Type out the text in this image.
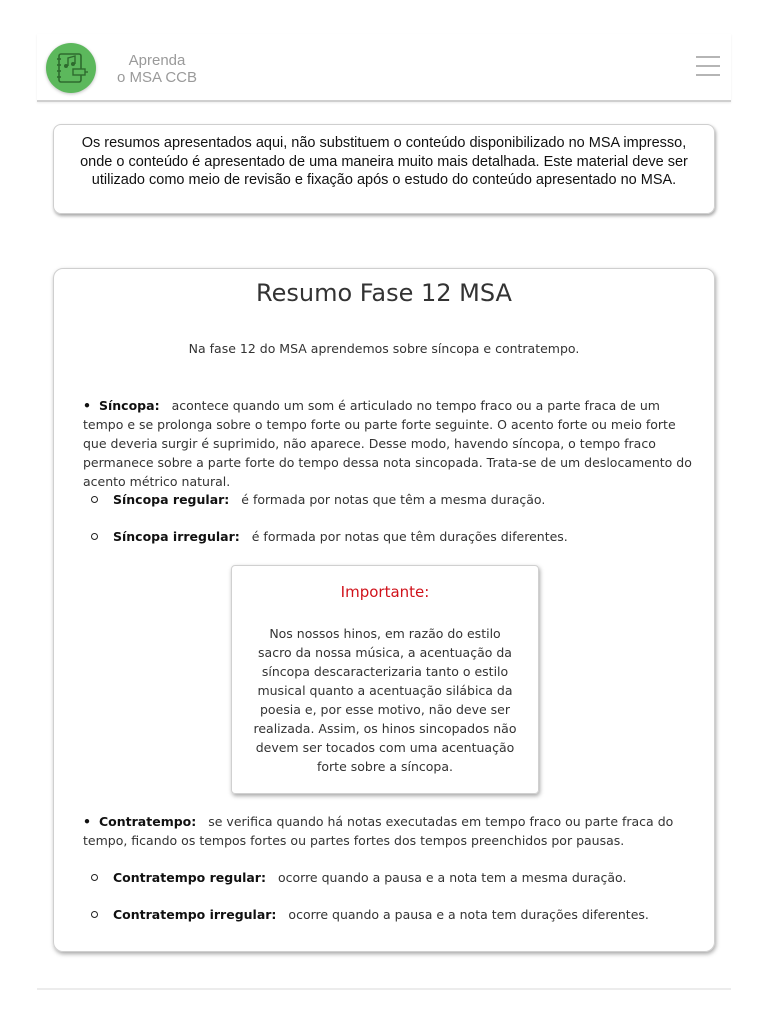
Aprenda
o MSA CCB
Os resumos apresentados aqui, não substituem o conteúdo disponibilizado no MSA impresso, onde o conteúdo é apresentado de uma maneira muito mais detalhada. Este material deve ser utilizado como meio de revisão e fixação após o estudo do conteúdo apresentado no MSA.
Resumo Fase 12 MSA
Na fase 12 do MSA aprendemos sobre síncopa e contratempo.
• Síncopa: acontece quando um som é articulado no tempo fraco ou a parte fraca de um tempo e se prolonga sobre o tempo forte ou parte forte seguinte. O acento forte ou meio forte que deveria surgir é suprimido, não aparece. Desse modo, havendo síncopa, o tempo fraco permanece sobre a parte forte do tempo dessa nota sincopada. Trata-se de um deslocamento do acento métrico natural.
Síncopa regular: é formada por notas que têm a mesma duração.
Síncopa irregular: é formada por notas que têm durações diferentes.
Importante:
Nos nossos hinos, em razão do estilo sacro da nossa música, a acentuação da síncopa descaracterizaria tanto o estilo musical quanto a acentuação silábica da poesia e, por esse motivo, não deve ser realizada. Assim, os hinos sincopados não devem ser tocados com uma acentuação forte sobre a síncopa.
• Contratempo: se verifica quando há notas executadas em tempo fraco ou parte fraca do tempo, ficando os tempos fortes ou partes fortes dos tempos preenchidos por pausas.
Contratempo regular: ocorre quando a pausa e a nota tem a mesma duração.
Contratempo irregular: ocorre quando a pausa e a nota tem durações diferentes.
